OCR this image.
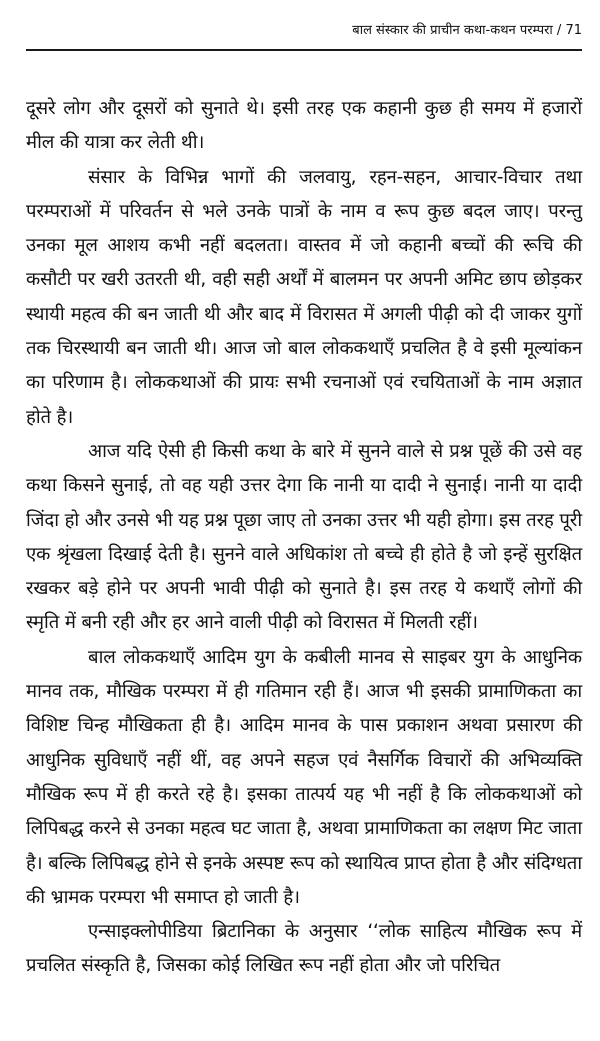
बाल संस्कार की प्राचीन कथा-कथन परम्परा / 71

दूसरे लोग और दूसरों को सुनाते थे। इसी तरह एक कहानी कुछ ही समय में हजारों मील की यात्रा कर लेती थी।

संसार के विभिन्न भागों की जलवायु, रहन-सहन, आचार-विचार तथा परम्पराओं में परिवर्तन से भले उनके पात्रों के नाम व रूप कुछ बदल जाए। परन्तु उनका मूल आशय कभी नहीं बदलता। वास्तव में जो कहानी बच्चों की रूचि की कसौटी पर खरी उतरती थी, वही सही अर्थों में बालमन पर अपनी अमिट छाप छोड़कर स्थायी महत्व की बन जाती थी और बाद में विरासत में अगली पीढ़ी को दी जाकर युगों तक चिरस्थायी बन जाती थी। आज जो बाल लोककथाएँ प्रचलित है वे इसी मूल्यांकन का परिणाम है। लोककथाओं की प्रायः सभी रचनाओं एवं रचयिताओं के नाम अज्ञात होते है।

आज यदि ऐसी ही किसी कथा के बारे में सुनने वाले से प्रश्न पूछें की उसे वह कथा किसने सुनाई, तो वह यही उत्तर देगा कि नानी या दादी ने सुनाई। नानी या दादी जिंदा हो और उनसे भी यह प्रश्न पूछा जाए तो उनका उत्तर भी यही होगा। इस तरह पूरी एक श्रृंखला दिखाई देती है। सुनने वाले अधिकांश तो बच्चे ही होते है जो इन्हें सुरक्षित रखकर बड़े होने पर अपनी भावी पीढ़ी को सुनाते है। इस तरह ये कथाएँ लोगों की स्मृति में बनी रही और हर आने वाली पीढ़ी को विरासत में मिलती रहीं।

बाल लोककथाएँ आदिम युग के कबीली मानव से साइबर युग के आधुनिक मानव तक, मौखिक परम्परा में ही गतिमान रही हैं। आज भी इसकी प्रामाणिकता का विशिष्ट चिन्ह मौखिकता ही है। आदिम मानव के पास प्रकाशन अथवा प्रसारण की आधुनिक सुविधाएँ नहीं थीं, वह अपने सहज एवं नैसर्गिक विचारों की अभिव्यक्ति मौखिक रूप में ही करते रहे है। इसका तात्पर्य यह भी नहीं है कि लोककथाओं को लिपिबद्ध करने से उनका महत्व घट जाता है, अथवा प्रामाणिकता का लक्षण मिट जाता है। बल्कि लिपिबद्ध होने से इनके अस्पष्ट रूप को स्थायित्व प्राप्त होता है और संदिग्धता की भ्रामक परम्परा भी समाप्त हो जाती है।

एन्साइक्लोपीडिया ब्रिटानिका के अनुसार ‘‘लोक साहित्य मौखिक रूप में प्रचलित संस्कृति है, जिसका कोई लिखित रूप नहीं होता और जो परिचित
